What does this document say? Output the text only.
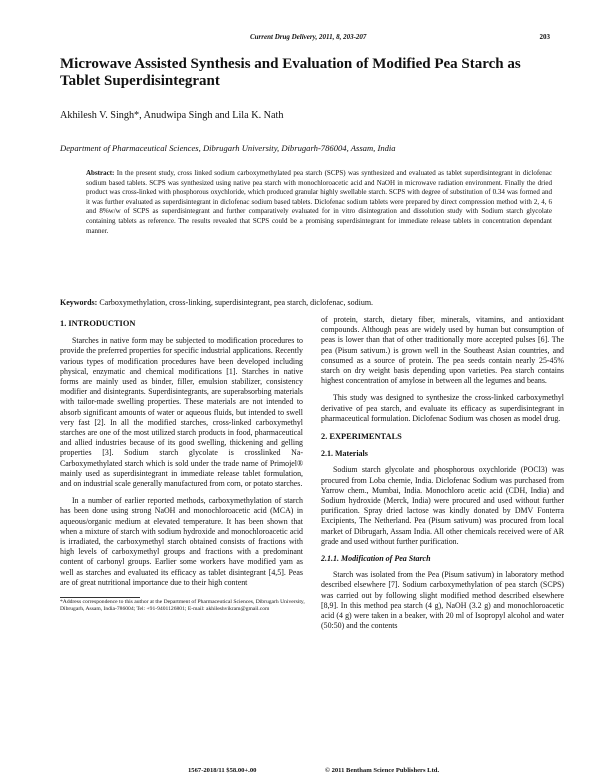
Current Drug Delivery, 2011, 8, 203-207	203
Microwave Assisted Synthesis and Evaluation of Modified Pea Starch as Tablet Superdisintegrant
Akhilesh V. Singh*, Anudwipa Singh and Lila K. Nath
Department of Pharmaceutical Sciences, Dibrugarh University, Dibrugarh-786004, Assam, India

Abstract: In the present study, cross linked sodium carboxymethylated pea starch (SCPS) was synthesized and evaluated as tablet superdisintegrant in diclofenac sodium based tablets. SCPS was synthesized using native pea starch with monochloroacetic acid and NaOH in microwave radiation environment. Finally the dried product was cross-linked with phosphorous oxychloride, which produced granular highly swellable starch. SCPS with degree of substitution of 0.34 was formed and it was further evaluated as superdisintegrant in diclofenac sodium based tablets. Diclofenac sodium tablets were prepared by direct compression method with 2, 4, 6 and 8%w/w of SCPS as superdisintegrant and further comparatively evaluated for in vitro disintegration and dissolution study with Sodium starch glycolate containing tablets as reference. The results revealed that SCPS could be a promising superdisintegrant for immediate release tablets in concentration dependant manner.

Keywords: Carboxymethylation, cross-linking, superdisintegrant, pea starch, diclofenac, sodium.

1. INTRODUCTION

Starches in native form may be subjected to modification procedures to provide the preferred properties for specific industrial applications. Recently various types of modification procedures have been developed including physical, enzymatic and chemical modifications [1]. Starches in native forms are mainly used as binder, filler, emulsion stabilizer, consistency modifier and disintegrants. Superdisintegrants, are superabsorbing materials with tailor-made swelling properties. These materials are not intended to absorb significant amounts of water or aqueous fluids, but intended to swell very fast [2]. In all the modified starches, cross-linked carboxymethyl starches are one of the most utilized starch products in food, pharmaceutical and allied industries because of its good swelling, thickening and gelling properties [3]. Sodium starch glycolate is crosslinked Na- Carboxymethylated starch which is sold under the trade name of Primojel® mainly used as superdisintegrant in immediate release tablet formulation, and on industrial scale generally manufactured from corn, or potato starches.

In a number of earlier reported methods, carboxymethylation of starch has been done using strong NaOH and monochloroacetic acid (MCA) in aqueous/organic medium at elevated temperature. It has been shown that when a mixture of starch with sodium hydroxide and monochloroacetic acid is irradiated, the carboxymethyl starch obtained consists of fractions with high levels of carboxymethyl groups and fractions with a predominant content of carbonyl groups. Earlier some workers have modified yam as well as starches and evaluated its efficacy as tablet disintegrant [4,5]. Peas are of great nutritional importance due to their high content

of protein, starch, dietary fiber, minerals, vitamins, and antioxidant compounds. Although peas are widely used by human but consumption of peas is lower than that of other traditionally more accepted pulses [6]. The pea (Pisum sativum.) is grown well in the Southeast Asian countries, and consumed as a source of protein. The pea seeds contain nearly 25-45% starch on dry weight basis depending upon varieties. Pea starch contains highest concentration of amylose in between all the legumes and beans.

This study was designed to synthesize the cross-linked carboxymethyl derivative of pea starch, and evaluate its efficacy as superdisintegrant in pharmaceutical formulation. Diclofenac Sodium was chosen as model drug.

2. EXPERIMENTALS
2.1. Materials

Sodium starch glycolate and phosphorous oxychloride (POCl3) was procured from Loba chemie, India. Diclofenac Sodium was purchased from Yarrow chem., Mumbai, India. Monochloro acetic acid (CDH, India) and Sodium hydroxide (Merck, India) were procured and used without further purification. Spray dried lactose was kindly donated by DMV Fonterra Excipients, The Netherland. Pea (Pisum sativum) was procured from local market of Dibrugarh, Assam India. All other chemicals received were of AR grade and used without further purification.

2.1.1. Modification of Pea Starch

Starch was isolated from the Pea (Pisum sativum) in laboratory method described elsewhere [7]. Sodium carboxymethylation of pea starch (SCPS) was carried out by following slight modified method described elsewhere [8,9]. In this method pea starch (4 g), NaOH (3.2 g) and monochloroacetic acid (4 g) were taken in a beaker, with 20 ml of Isopropyl alcohol and water (50:50) and the contents

*Address correspondence to this author at the Department of Pharmaceutical Sciences, Dibrugarh University, Dibrugarh, Assam, India-786004; Tel: +91-9401126801; E-mail: akhileshvikram@gmail.com
1567-2018/11 $58.00+.00	© 2011 Bentham Science Publishers Ltd.
